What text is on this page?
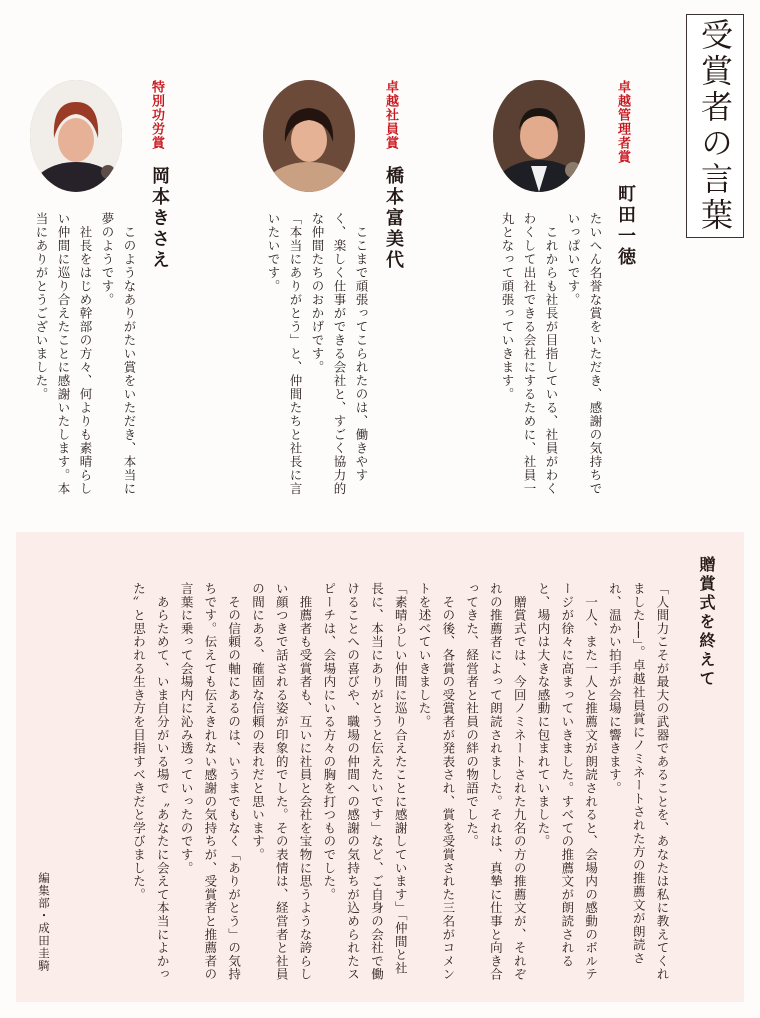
受賞者の言葉
卓越管理者賞
町田一徳
たいへん名誉な賞をいただき、感謝の気持ちでいっぱいです。
　これからも社長が目指している、社員がわくわくして出社できる会社にするために、社員一丸となって頑張っていきます。
卓越社員賞
橋本富美代
　ここまで頑張ってこられたのは、働きやすく、楽しく仕事ができる会社と、すごく協力的な仲間たちのおかげです。
「本当にありがとう」と、仲間たちと社長に言いたいです。
特別功労賞
岡本きさえ
　このようなありがたい賞をいただき、本当に夢のようです。
　社長をはじめ幹部の方々、何よりも素晴らしい仲間に巡り合えたことに感謝いたします。本当にありがとうございました。
贈賞式を終えて

「人間力こそが最大の武器であることを、あなたは私に教えてくれました──」。卓越社員賞にノミネートされた方の推薦文が朗読され、温かい拍手が会場に響きます。

　一人、また一人と推薦文が朗読されると、会場内の感動のボルテージが徐々に高まっていきました。すべての推薦文が朗読されると、場内は大きな感動に包まれていました。

　贈賞式では、今回ノミネートされた九名の方の推薦文が、それぞれの推薦者によって朗読されました。それは、真摯に仕事と向き合ってきた、経営者と社員の絆の物語でした。

　その後、各賞の受賞者が発表され、賞を受賞された三名がコメントを述べていきました。

「素晴らしい仲間に巡り合えたことに感謝しています」「仲間と社長に、本当にありがとうと伝えたいです」など、ご自身の会社で働けることへの喜びや、職場の仲間への感謝の気持ちが込められたスピーチは、会場内にいる方々の胸を打つものでした。

　推薦者も受賞者も、互いに社員と会社を宝物に思うような誇らしい顔つきで話される姿が印象的でした。その表情は、経営者と社員の間にある、確固な信頼の表れだと思います。

　その信頼の軸にあるのは、いうまでもなく「ありがとう」の気持ちです。伝えても伝えきれない感謝の気持ちが、受賞者と推薦者の言葉に乗って会場内に沁み透っていったのです。

　あらためて、いま自分がいる場で〝あなたに会えて本当によかった〟と思われる生き方を目指すべきだと学びました。

編集部・成田圭騎
